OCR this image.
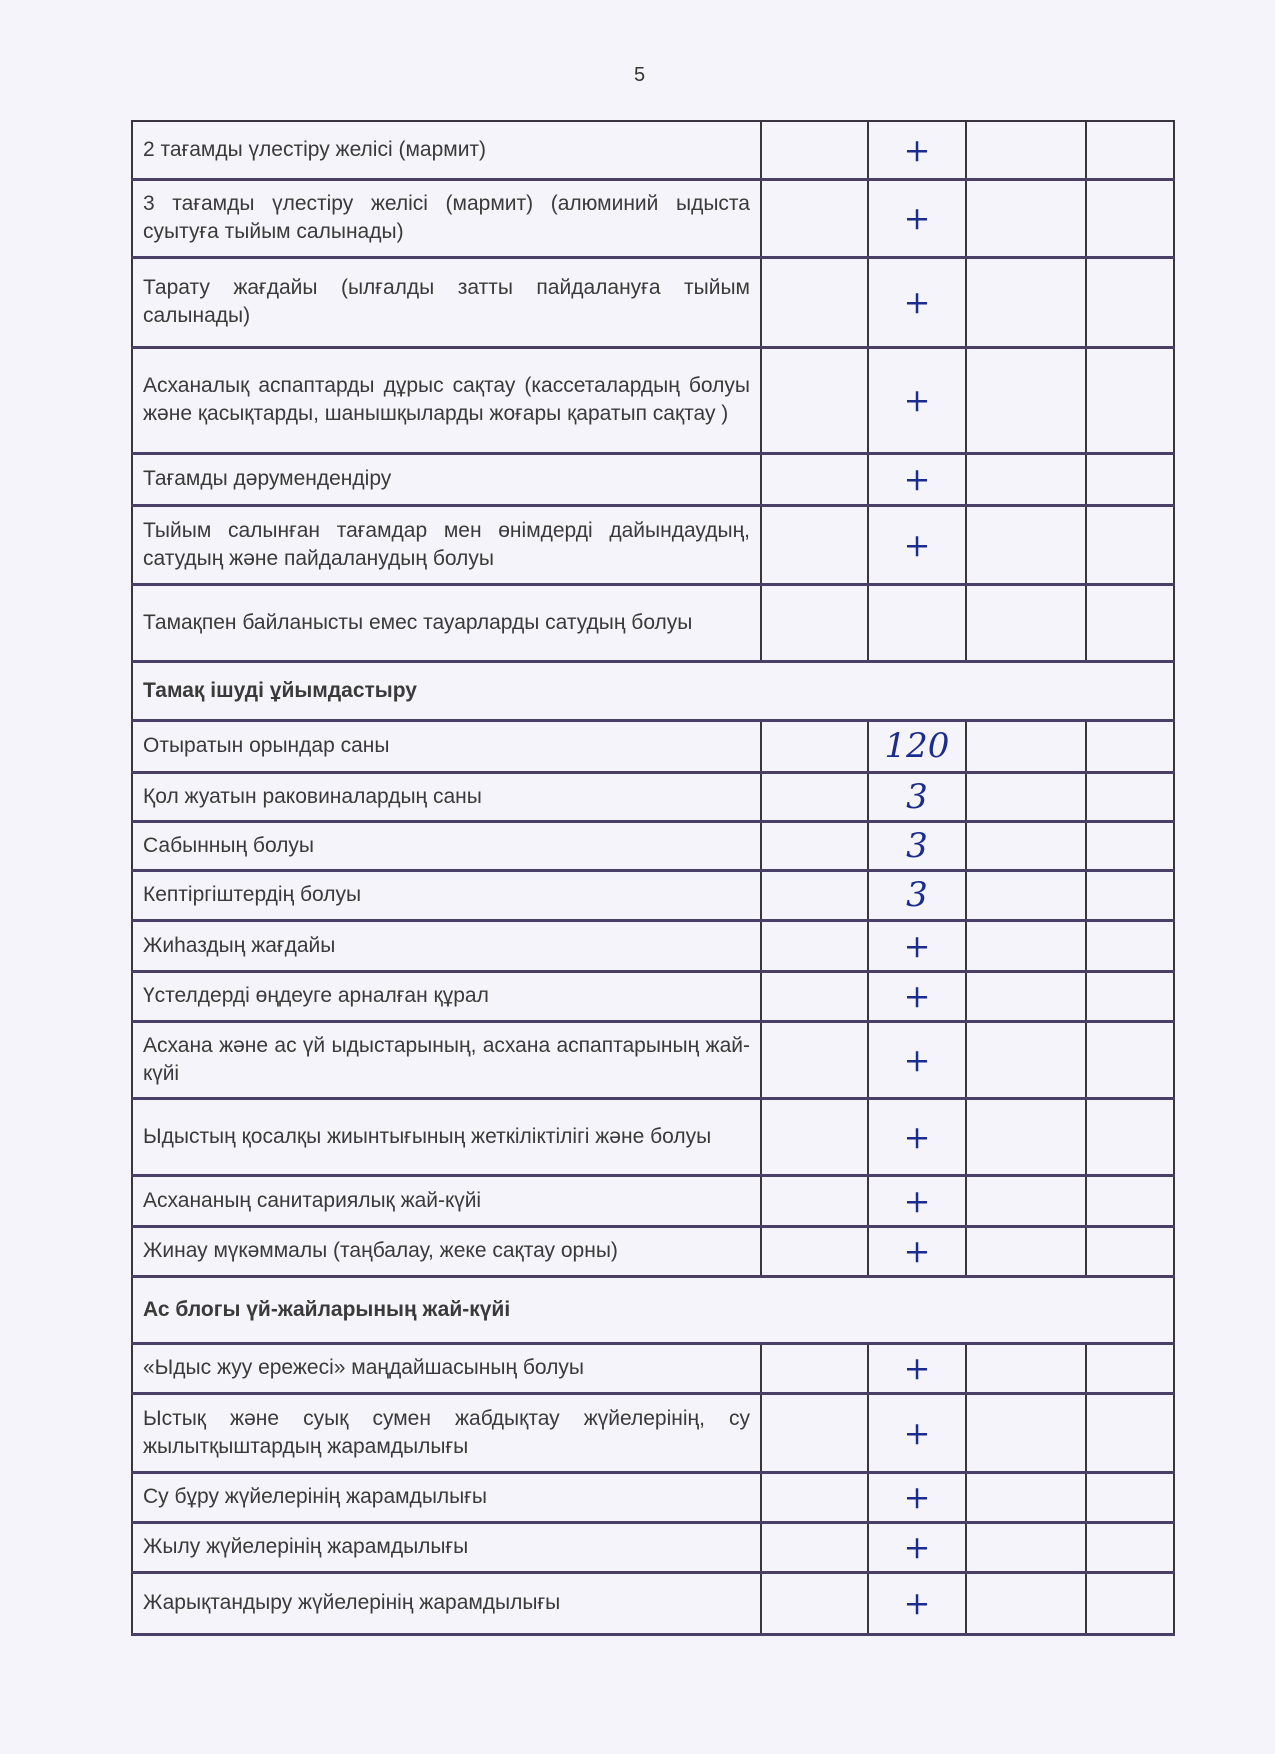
5
2 тағамды үлестіру желісі (мармит)		+		
3 тағамды үлестіру желісі (мармит) (алюминий ыдыста суытуға тыйым салынады)		+		
Тарату жағдайы (ылғалды затты пайдалануға тыйым салынады)		+		
Асханалық аспаптарды дұрыс сақтау (кассеталардың болуы және қасықтарды, шанышқыларды жоғары қаратып сақтау )		+		
Тағамды дәрумендендіру		+		
Тыйым салынған тағамдар мен өнімдерді дайындаудың, сатудың және пайдаланудың болуы		+		
Тамақпен байланысты емес тауарларды сатудың болуы				
Тамақ ішуді ұйымдастыру				
Отыратын орындар саны		120		
Қол жуатын раковиналардың саны		3		
Сабынның болуы		3		
Кептіргіштердің болуы		3		
Жиһаздың жағдайы		+		
Үстелдерді өңдеуге арналған құрал		+		
Асхана және ас үй ыдыстарының, асхана аспаптарының жай-күйі		+		
Ыдыстың қосалқы жиынтығының жеткіліктілігі және болуы		+		
Асхананың санитариялық жай-күйі		+		
Жинау мүкәммалы (таңбалау, жеке сақтау орны)		+		
Ас блогы үй-жайларының жай-күйі				
«Ыдыс жуу ережесі» маңдайшасының болуы		+		
Ыстық және суық сумен жабдықтау жүйелерінің, су жылытқыштардың жарамдылығы		+		
Су бұру жүйелерінің жарамдылығы		+		
Жылу жүйелерінің жарамдылығы		+		
Жарықтандыру жүйелерінің жарамдылығы		+		
